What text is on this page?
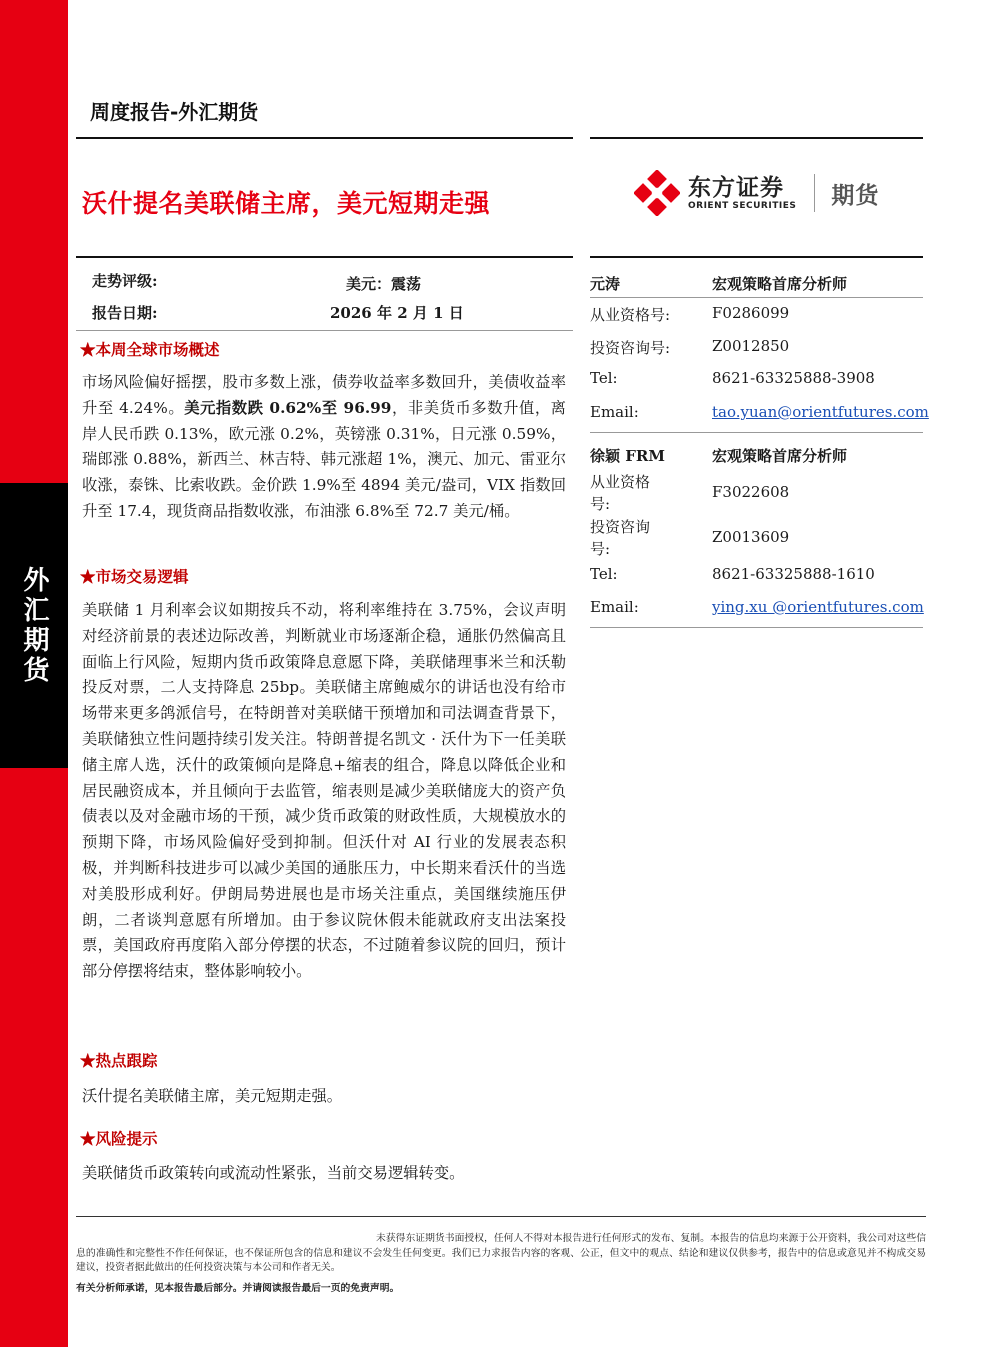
外汇期货
周度报告-外汇期货
沃什提名美联储主席，美元短期走强
东方证券
ORIENT SECURITIES 期货
走势评级:	美元：震荡
报告日期:	2026 年 2 月 1 日
★本周全球市场概述

市场风险偏好摇摆，股市多数上涨，债券收益率多数回升，美债收益率升至 4.24%。美元指数跌 0.62%至 96.99，非美货币多数升值，离岸人民币跌 0.13%，欧元涨 0.2%，英镑涨 0.31%，日元涨 0.59%，瑞郎涨 0.88%，新西兰、林吉特、韩元涨超 1%，澳元、加元、雷亚尔收涨，泰铢、比索收跌。金价跌 1.9%至 4894 美元/盎司，VIX 指数回升至 17.4，现货商品指数收涨，布油涨 6.8%至 72.7 美元/桶。

★市场交易逻辑

美联储 1 月利率会议如期按兵不动，将利率维持在 3.75%，会议声明对经济前景的表述边际改善，判断就业市场逐渐企稳，通胀仍然偏高且面临上行风险，短期内货币政策降息意愿下降，美联储理事米兰和沃勒投反对票，二人支持降息 25bp。美联储主席鲍威尔的讲话也没有给市场带来更多鸽派信号，在特朗普对美联储干预增加和司法调查背景下，美联储独立性问题持续引发关注。特朗普提名凯文 · 沃什为下一任美联储主席人选，沃什的政策倾向是降息+缩表的组合，降息以降低企业和居民融资成本，并且倾向于去监管，缩表则是减少美联储庞大的资产负债表以及对金融市场的干预，减少货币政策的财政性质，大规模放水的预期下降，市场风险偏好受到抑制。但沃什对 AI 行业的发展表态积极，并判断科技进步可以减少美国的通胀压力，中长期来看沃什的当选对美股形成利好。伊朗局势进展也是市场关注重点，美国继续施压伊朗，二者谈判意愿有所增加。由于参议院休假未能就政府支出法案投票，美国政府再度陷入部分停摆的状态，不过随着参议院的回归，预计部分停摆将结束，整体影响较小。

★热点跟踪

沃什提名美联储主席，美元短期走强。

★风险提示

美联储货币政策转向或流动性紧张，当前交易逻辑转变。

元涛	宏观策略首席分析师
从业资格号:	F0286099
投资咨询号:	Z0012850
Tel:	8621-63325888-3908
Email:	tao.yuan@orientfutures.com
徐颖 FRM	宏观策略首席分析师
从业资格
号:
F3022608
投资咨询
号:
Z0013609
Tel:	8621-63325888-1610
Email:	ying.xu @orientfutures.com

未获得东证期货书面授权，任何人不得对本报告进行任何形式的发布、复制。本报告的信息均来源于公开资料，我公司对这些信息的准确性和完整性不作任何保证，也不保证所包含的信息和建议不会发生任何变更。我们已力求报告内容的客观、公正，但文中的观点、结论和建议仅供参考，报告中的信息或意见并不构成交易建议，投资者据此做出的任何投资决策与本公司和作者无关。

有关分析师承诺，见本报告最后部分。并请阅读报告最后一页的免责声明。
